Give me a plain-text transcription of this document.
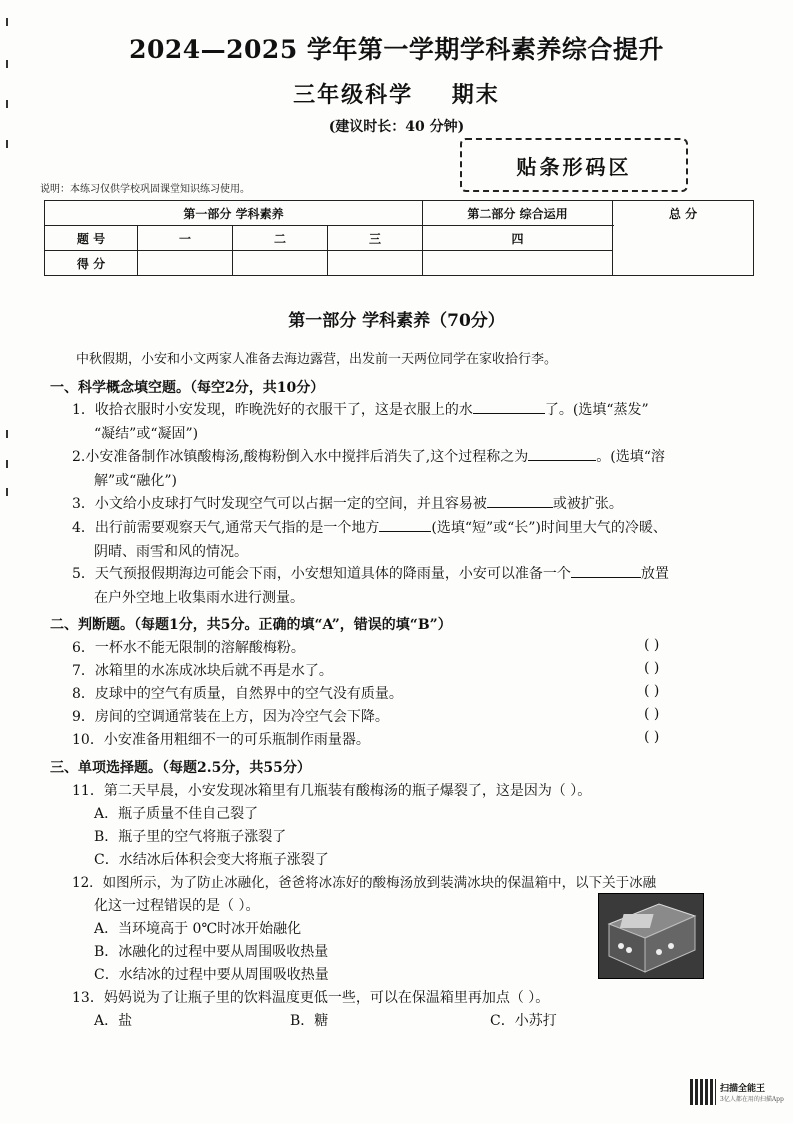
2024—2025 学年第一学期学科素养综合提升
三年级科学    期末
(建议时长：40 分钟)
贴条形码区
说明：本练习仅供学校巩固课堂知识练习使用。
第一部分 学科素养				第二部分 综合运用	总 分

题 号	一	二	三	四	
得 分					
第一部分 学科素养（70分）
中秋假期，小安和小文两家人准备去海边露营，出发前一天两位同学在家收拾行李。
一、科学概念填空题。（每空2分，共10分）
1．收拾衣服时小安发现，昨晚洗好的衣服干了，这是衣服上的水	了。(选填“蒸发”
“凝结”或“凝固”)
2.小安准备制作冰镇酸梅汤,酸梅粉倒入水中搅拌后消失了,这个过程称之为	。(选填“溶
解”或“融化”)
3．小文给小皮球打气时发现空气可以占据一定的空间，并且容易被	或被扩张。
4．出行前需要观察天气,通常天气指的是一个地方	(选填“短”或“长”)时间里大气的冷暖、
阴晴、雨雪和风的情况。
5．天气预报假期海边可能会下雨，小安想知道具体的降雨量，小安可以准备一个	放置
在户外空地上收集雨水进行测量。
二、判断题。（每题1分，共5分。正确的填“A”，错误的填“B”）
6．一杯水不能无限制的溶解酸梅粉。	( )
7．冰箱里的水冻成冰块后就不再是水了。	( )
8．皮球中的空气有质量，自然界中的空气没有质量。	( )
9．房间的空调通常装在上方，因为冷空气会下降。	( )
10．小安准备用粗细不一的可乐瓶制作雨量器。	( )
三、单项选择题。（每题2.5分，共55分）
11．第二天早晨，小安发现冰箱里有几瓶装有酸梅汤的瓶子爆裂了，这是因为（ ）。
A．瓶子质量不佳自己裂了
B．瓶子里的空气将瓶子涨裂了
C．水结冰后体积会变大将瓶子涨裂了
12．如图所示，为了防止冰融化，爸爸将冰冻好的酸梅汤放到装满冰块的保温箱中，以下关于冰融
化这一过程错误的是（ ）。
A．当环境高于 0℃时冰开始融化
B．冰融化的过程中要从周围吸收热量
C．水结冰的过程中要从周围吸收热量
13．妈妈说为了让瓶子里的饮料温度更低一些，可以在保温箱里再加点（ ）。
A．盐	B．糖	C．小苏打
扫描全能王
3亿人都在用的扫描App
